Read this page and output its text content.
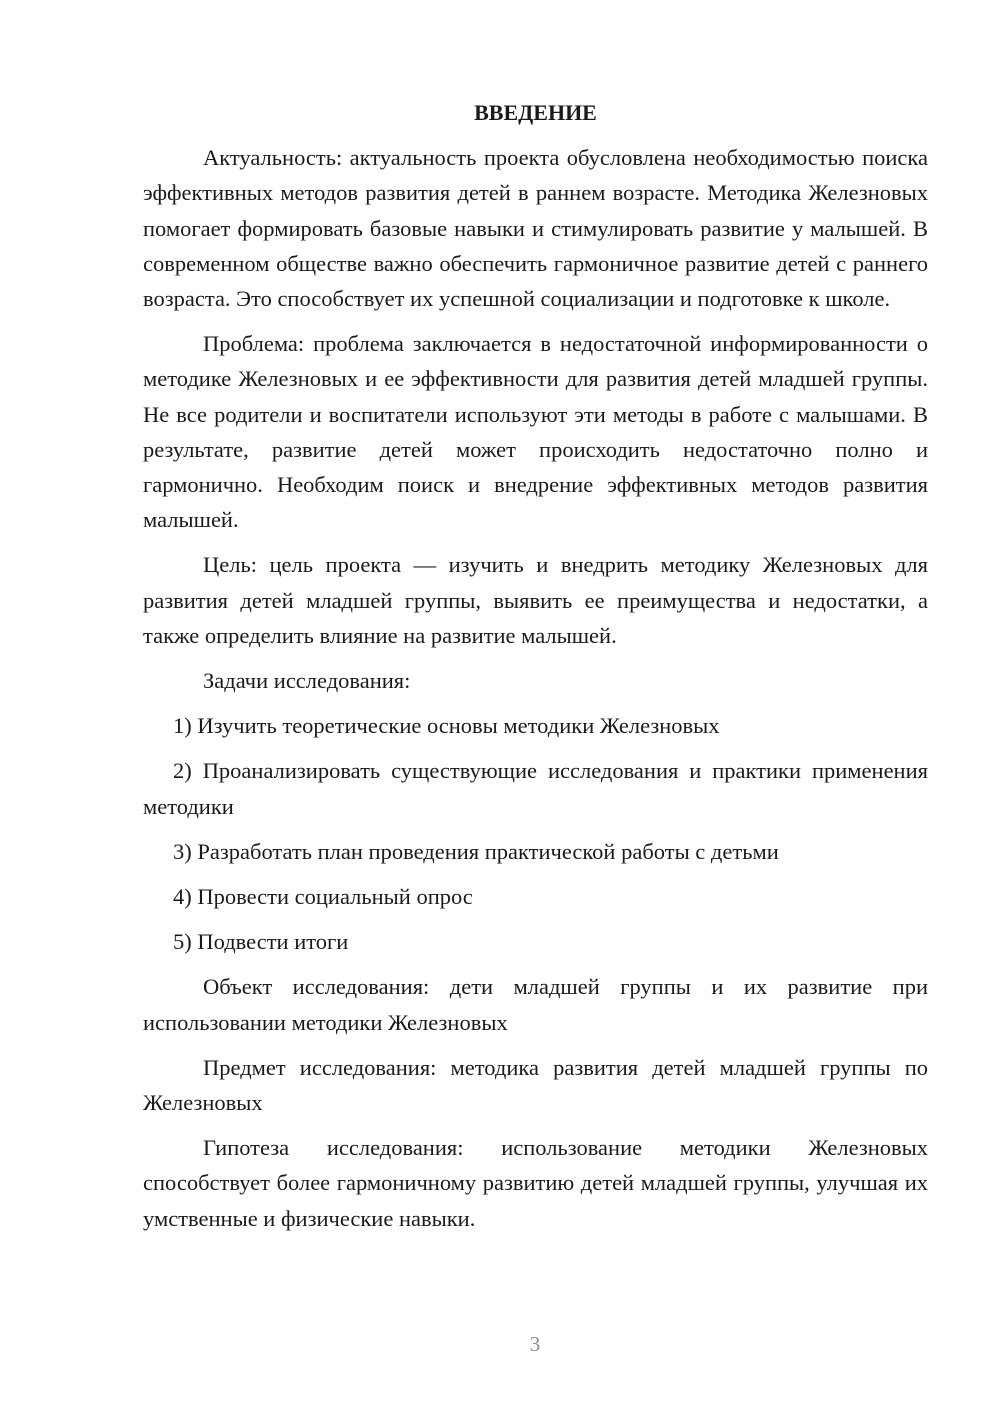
ВВЕДЕНИЕ

Актуальность: актуальность проекта обусловлена необходимостью поиска эффективных методов развития детей в раннем возрасте. Методика Железновых помогает формировать базовые навыки и стимулировать развитие у малышей. В современном обществе важно обеспечить гармоничное развитие детей с раннего возраста. Это способствует их успешной социализации и подготовке к школе.

Проблема: проблема заключается в недостаточной информированности о методике Железновых и ее эффективности для развития детей младшей группы. Не все родители и воспитатели используют эти методы в работе с малышами. В результате, развитие детей может происходить недостаточно полно и гармонично. Необходим поиск и внедрение эффективных методов развития малышей.

Цель: цель проекта — изучить и внедрить методику Железновых для развития детей младшей группы, выявить ее преимущества и недостатки, а также определить влияние на развитие малышей.

Задачи исследования:

1) Изучить теоретические основы методики Железновых

2) Проанализировать существующие исследования и практики применения методики

3) Разработать план проведения практической работы с детьми

4) Провести социальный опрос

5) Подвести итоги

Объект исследования: дети младшей группы и их развитие при использовании методики Железновых

Предмет исследования: методика развития детей младшей группы по Железновых

Гипотеза исследования: использование методики Железновых способствует более гармоничному развитию детей младшей группы, улучшая их умственные и физические навыки.

3
